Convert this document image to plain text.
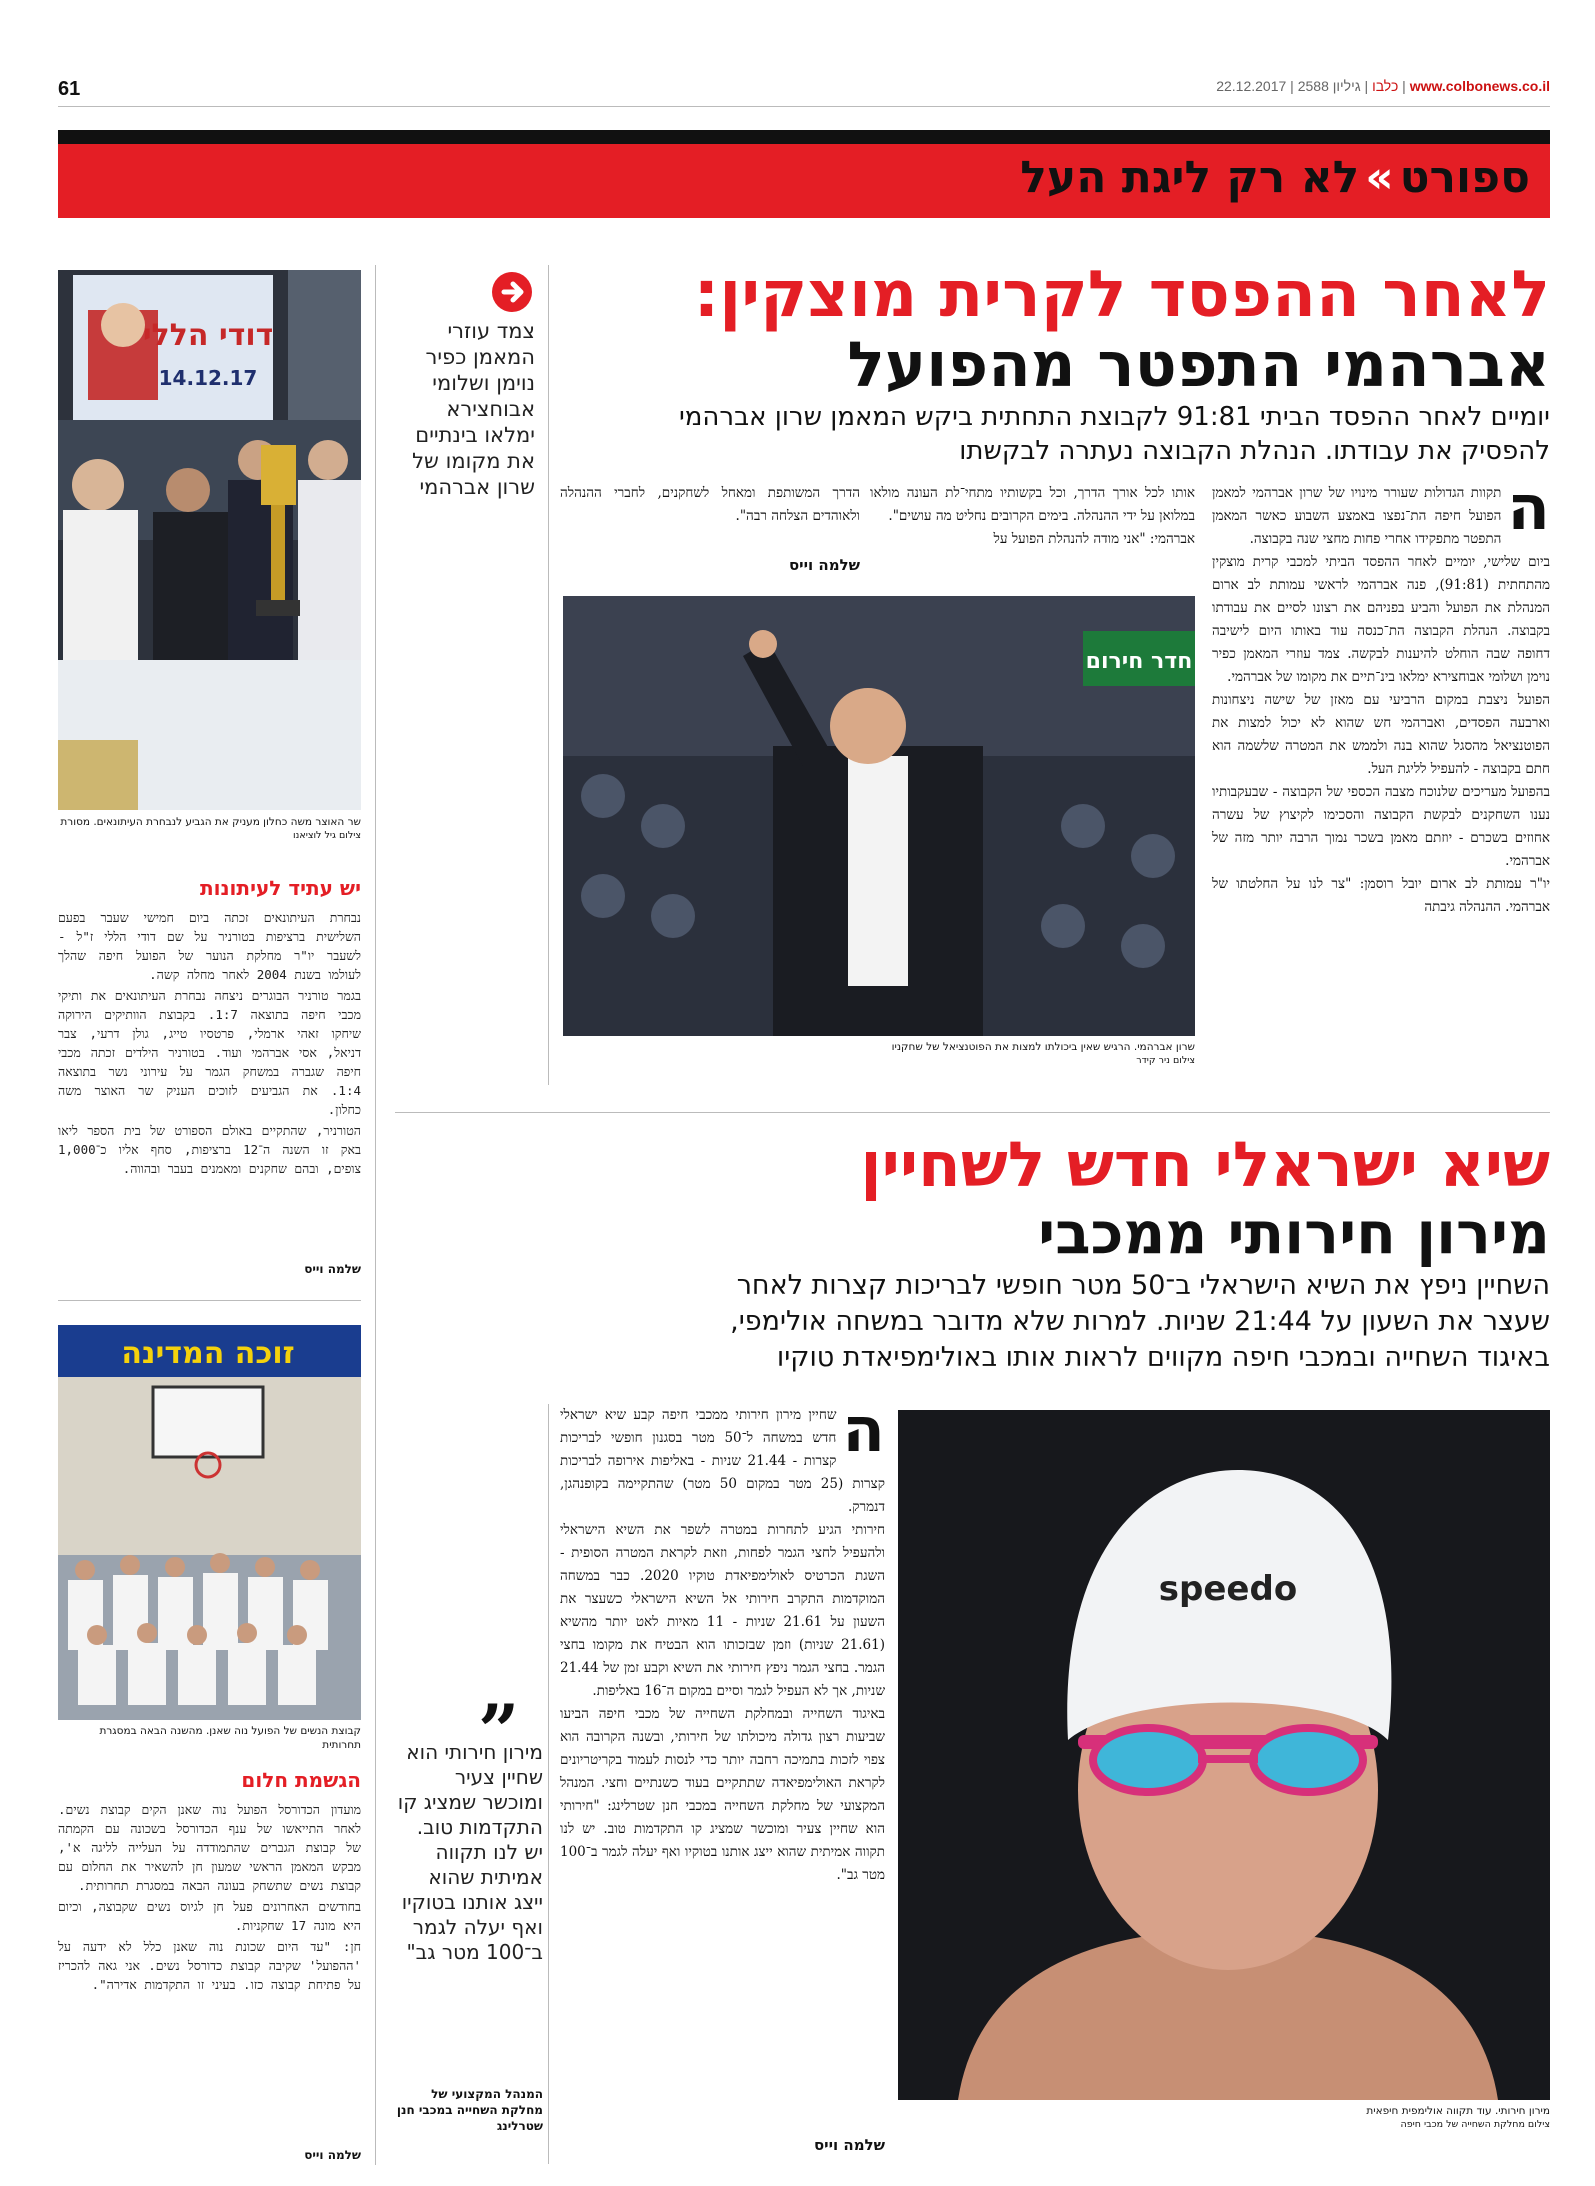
61	www.colbonews.co.il | כלבו | גיליון 2588 | 22.12.2017
ספורט»לא רק ליגת העל
דודי הללי
14.12.17
שר האוצר משה כחלון מעניק את הגביע לנבחרת העיתונאים. מסורת
צילום גיל לוציאנו
יש עתיד לעיתונות

נבחרת העיתונאים זכתה ביום חמישי שעבר בפעם השלישית ברציפות בטורניר על שם דודי הללי ז"ל - לשעבר יו"ר מחלקת הנוער של הפועל חיפה שהלך לעולמו בשנת 2004 לאחר מחלה קשה.

בגמר טורניר הבוגרים ניצחה נבחרת העיתונאים את ותיקי מכבי חיפה בתוצאה 1:7. בקבוצת הוותיקים הירוקה שיחקו זאהי ארמלי, פרטסיו טייג, גולן דרעי, צבר דניאל, אסי אברהמי ועוד. בטורניר הילדים זכתה מכבי חיפה שגברה במשחק הגמר על עירוני נשר בתוצאה 1:4. את הגביעים לזוכים העניק שר האוצר משה כחלון.

הטורניר, שהתקיים באולם הספורט של בית הספר ליאו באק זו השנה ה־12 ברציפות, סחף אליו כ־1,000 צופים, ובהם שחקנים ומאמנים בעבר ובהווה.

שלמה וייס
זוכה המדינה
קבוצת הנשים של הפועל נוה שאנן. מהשנה הבאה במסגרת תחרותית
הגשמת חלום

מועדון הכדורסל הפועל נוה שאנן הקים קבוצת נשים. לאחר התייאשו של ענף הכדורסל בשכונה עם הקמתה של קבוצת הגברים שהתמודדה על העלייה לליגה א', מבקש המאמן הראשי שמעון חן להשאיר את החלום עם קבוצת נשים שתשחק בעונה הבאה במסגרת תחרותית.

בחודשים האחרונים פעל חן לגיוס נשים שקבוצה, וכיום היא מונה 17 שחקניות.

חן: "עד היום שכונת נוה שאנן כלל לא ידעה על 'ההפועל' שקיבה קבוצת כדורסל נשים. אני גאה להכריז על פתיחת קבוצה כזו. בעיני זו התקדמות אדירה".

שלמה וייס
צמד עוזרי המאמן כפיר נוימן ושלומי אבוחצירא ימלאו בינתיים את מקומו של שרון אברהמי
לאחר ההפסד לקרית מוצקין:
אברהמי התפטר מהפועל
יומיים לאחר ההפסד הביתי 91:81 לקבוצת התחתית ביקש המאמן שרון אברהמי
להפסיק את עבודתו. הנהלת הקבוצה נעתרה לבקשתו
ה

תקוות הגדולות שעורר מינויו של שרון אברהמי למאמן הפועל חיפה הת־נפצו באמצע השבוע כאשר המאמן התפטר מתפקידו אחרי פחות מחצי שנה בקבוצה.

ביום שלישי, יומיים לאחר ההפסד הביתי למכבי קרית מוצקין מהתחתית (91:81), פנה אברהמי לראשי עמותת לב ארום המנהלת את הפועל והביע בפניהם את רצונו לסיים את עבודתו בקבוצה. הנהלת הקבוצה הת־כנסה עוד באותו היום לישיבה דחופה שבה הוחלט להיענות לבקשה. צמד עוזרי המאמן כפיר נוימן ושלומי אבוחצירא ימלאו בינ־תיים את מקומו של אברהמי.

הפועל ניצבת במקום הרביעי עם מאזן של שישה ניצחונות וארבעה הפסדים, ואברהמי חש שהוא לא יכול למצות את הפוטנציאל מהסגל שהוא בנה ולממש את המטרה שלשמה הוא חתם בקבוצה - להעפיל לליגת העל.

בהפועל מעריכים שלנוכח מצבה הכספי של הקבוצה - שבעקבותיו נענו השחקנים לבקשת הקבוצה והסכימו לקיצוץ של עשרה אחוזים בשכרם - יוזתם מאמן בשכר נמוך הרבה יותר מזה של אברהמי.

יו"ר עמותת לב ארום יובל רוסמן: "צר לנו על החלטתו של אברהמי. ההנהלה גיבתה

אותו לכל אורך הדרך, וכל בקשותיו מתחי־לת העונה מולאו במלואן על ידי ההנהלה. בימים הקרובים נחליט מה עושים".

אברהמי: "אני מודה להנהלת הפועל על

הדרך המשותפת ומאחל לשחקנים, לחברי ההנהלה ולאוהדים הצלחה רבה".

שלמה וייס
חדר חירום
שרון אברהמי. הרגיש שאין ביכולתו למצות את הפוטנציאל של שחקניו
צילום ניר קידר
שיא ישראלי חדש לשחיין
מירון חירותי ממכבי
השחיין ניפץ את השיא הישראלי ב־50 מטר חופשי לבריכות קצרות לאחר
שעצר את השעון על 21:44 שניות. למרות שלא מדובר במשחה אולימפי,
באיגוד השחייה ובמכבי חיפה מקווים לראות אותו באולימפיאדת טוקיו
speedo
מירון חירותי. עוד תקווה אולימפית חיפאית
צילום מחלקת השחייה של מכבי חיפה
ה

שחיין מירון חירותי ממכבי חיפה קבע שיא ישראלי חדש במשחה ל־50 מטר בסגנון חופשי לבריכות קצרות - 21.44 שניות - באליפות אירופה לבריכות קצרות (25 מטר במקום 50 מטר) שהתקיימה בקופנהגן, דנמרק.

חירותי הגיע לתחרות במטרה לשפר את השיא הישראלי ולהעפיל לחצי הגמר לפחות, וזאת לקראת המטרה הסופית - השגת הכרטיס לאולימפיאדת טוקיו 2020. כבר במשחה המוקדמות התקרב חירותי אל השיא הישראלי כשעצר את השעון על 21.61 שניות - 11 מאיות לאט יותר מהשיא (21.61 שניות) וזמן שבזכותו הוא הבטיח את מקומו בחצי הגמר. בחצי הגמר ניפץ חירותי את השיא וקבע זמן של 21.44 שניות, אך לא העפיל לגמר וסיים במקום ה־16 באליפות.

באיגוד השחייה ובמחלקת השחייה של מכבי חיפה הביעו שביעות רצון גדולה מיכולתו של חירותי, ובשנה הקרובה הוא צפוי לזכות בתמיכה רחבה יותר כדי לנסות לעמוד בקריטריונים לקראת האולימפיאדה שתתקיים בעוד כשנתיים וחצי. המנהל המקצועי של מחלקת השחייה במכבי חנן שטרלינג: "חירותי הוא שחיין צעיר ומוכשר שמציג קו התקדמות טוב. יש לנו תקווה אמיתית שהוא ייצג אותנו בטוקיו ואף יעלה לגמר ב־100 מטר גב".

שלמה וייס
„
מירון חירותי הוא שחיין צעיר ומוכשר שמציג קו התקדמות טוב. יש לנו תקווה אמיתית שהוא ייצג אותנו בטוקיו ואף יעלה לגמר ב־100 מטר גב"
המנהל המקצועי של מחלקת השחייה במכבי חנן שטרלינג
